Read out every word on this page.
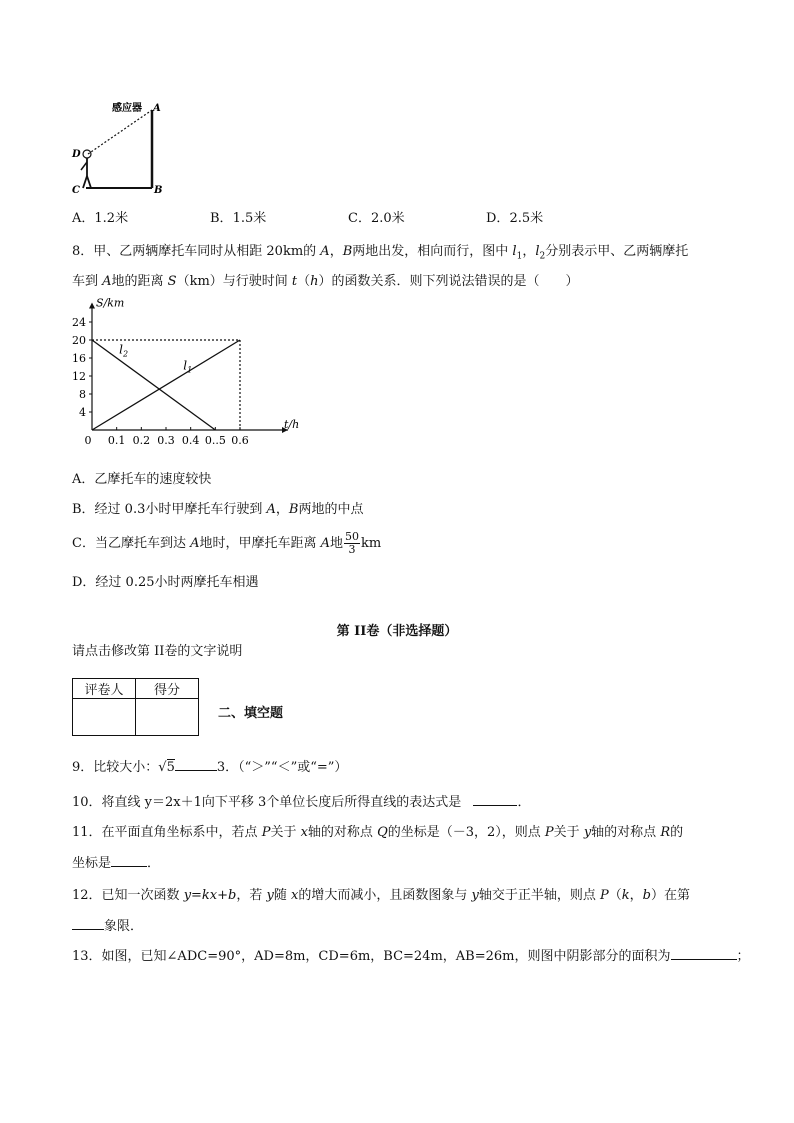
感应器 A
D
C	B
A．1.2米	B．1.5米	C．2.0米	D．2.5米
8．甲、乙两辆摩托车同时从相距 20km的 A，B两地出发，相向而行，图中 $l_1$，$l_2$分别表示甲、乙两辆摩托
车到 A地的距离 S（km）与行驶时间 t（h）的函数关系．则下列说法错误的是（　　）
S/km
t/h
0
4
8
12
16
20
24
0.1 0.2 0.3 0.4 0..5 0.6
$l_1$
$l_2$
A．乙摩托车的速度较快
B．经过 0.3小时甲摩托车行驶到 A，B两地的中点
C．当乙摩托车到达 A地时，甲摩托车距离 A地 $\frac{50}{3}$ km
D．经过 0.25小时两摩托车相遇
第 II卷（非选择题）
请点击修改第 II卷的文字说明
评卷人	得分

二、填空题
9．比较大小：√5	3．（“＞”“＜”或“=”）
10．将直线 y＝2x＋1向下平移 3个单位长度后所得直线的表达式是	．
11．在平面直角坐标系中，若点 P关于 x轴的对称点 Q的坐标是（－3，2），则点 P关于 y轴的对称点 R的
坐标是	．
12．已知一次函数 y=kx+b，若 y随 x的增大而减小，且函数图象与 y轴交于正半轴，则点 P（k，b）在第
象限．
13．如图，已知∠ADC=90°，AD=8m，CD=6m，BC=24m，AB=26m，则图中阴影部分的面积为	；
